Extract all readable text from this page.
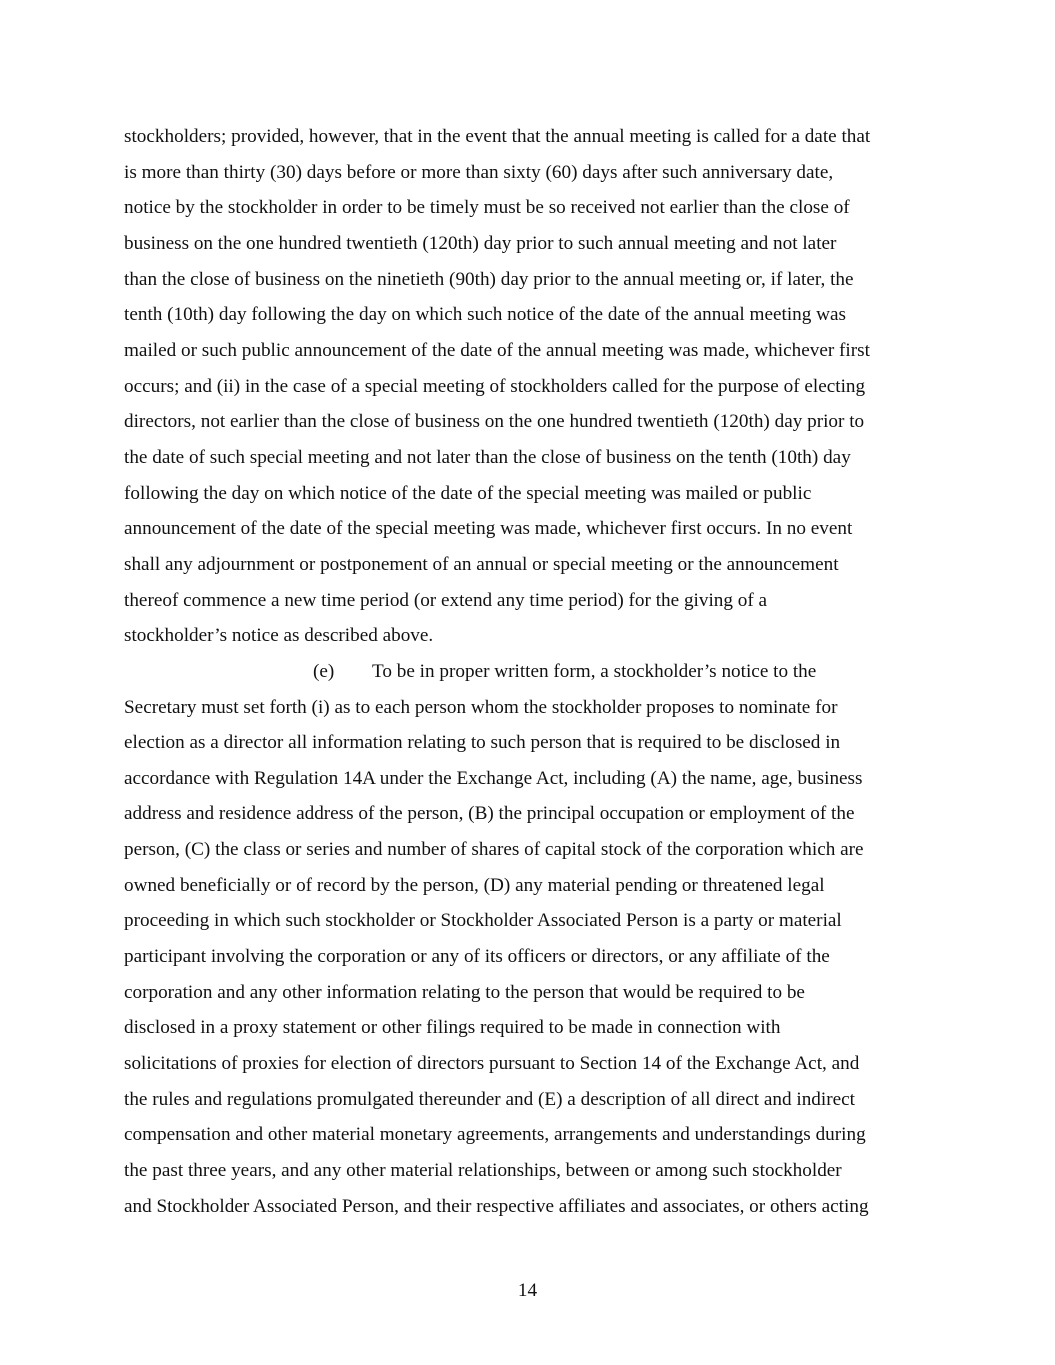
stockholders; provided, however, that in the event that the annual meeting is called for a date that
is more than thirty (30) days before or more than sixty (60) days after such anniversary date,
notice by the stockholder in order to be timely must be so received not earlier than the close of
business on the one hundred twentieth (120th) day prior to such annual meeting and not later
than the close of business on the ninetieth (90th) day prior to the annual meeting or, if later, the
tenth (10th) day following the day on which such notice of the date of the annual meeting was
mailed or such public announcement of the date of the annual meeting was made, whichever first
occurs; and (ii) in the case of a special meeting of stockholders called for the purpose of electing
directors, not earlier than the close of business on the one hundred twentieth (120th) day prior to
the date of such special meeting and not later than the close of business on the tenth (10th) day
following the day on which notice of the date of the special meeting was mailed or public
announcement of the date of the special meeting was made, whichever first occurs. In no event
shall any adjournment or postponement of an annual or special meeting or the announcement
thereof commence a new time period (or extend any time period) for the giving of a
stockholder’s notice as described above.
(e) To be in proper written form, a stockholder’s notice to the
Secretary must set forth (i) as to each person whom the stockholder proposes to nominate for
election as a director all information relating to such person that is required to be disclosed in
accordance with Regulation 14A under the Exchange Act, including (A) the name, age, business
address and residence address of the person, (B) the principal occupation or employment of the
person, (C) the class or series and number of shares of capital stock of the corporation which are
owned beneficially or of record by the person, (D) any material pending or threatened legal
proceeding in which such stockholder or Stockholder Associated Person is a party or material
participant involving the corporation or any of its officers or directors, or any affiliate of the
corporation and any other information relating to the person that would be required to be
disclosed in a proxy statement or other filings required to be made in connection with
solicitations of proxies for election of directors pursuant to Section 14 of the Exchange Act, and
the rules and regulations promulgated thereunder and (E) a description of all direct and indirect
compensation and other material monetary agreements, arrangements and understandings during
the past three years, and any other material relationships, between or among such stockholder
and Stockholder Associated Person, and their respective affiliates and associates, or others acting
14
